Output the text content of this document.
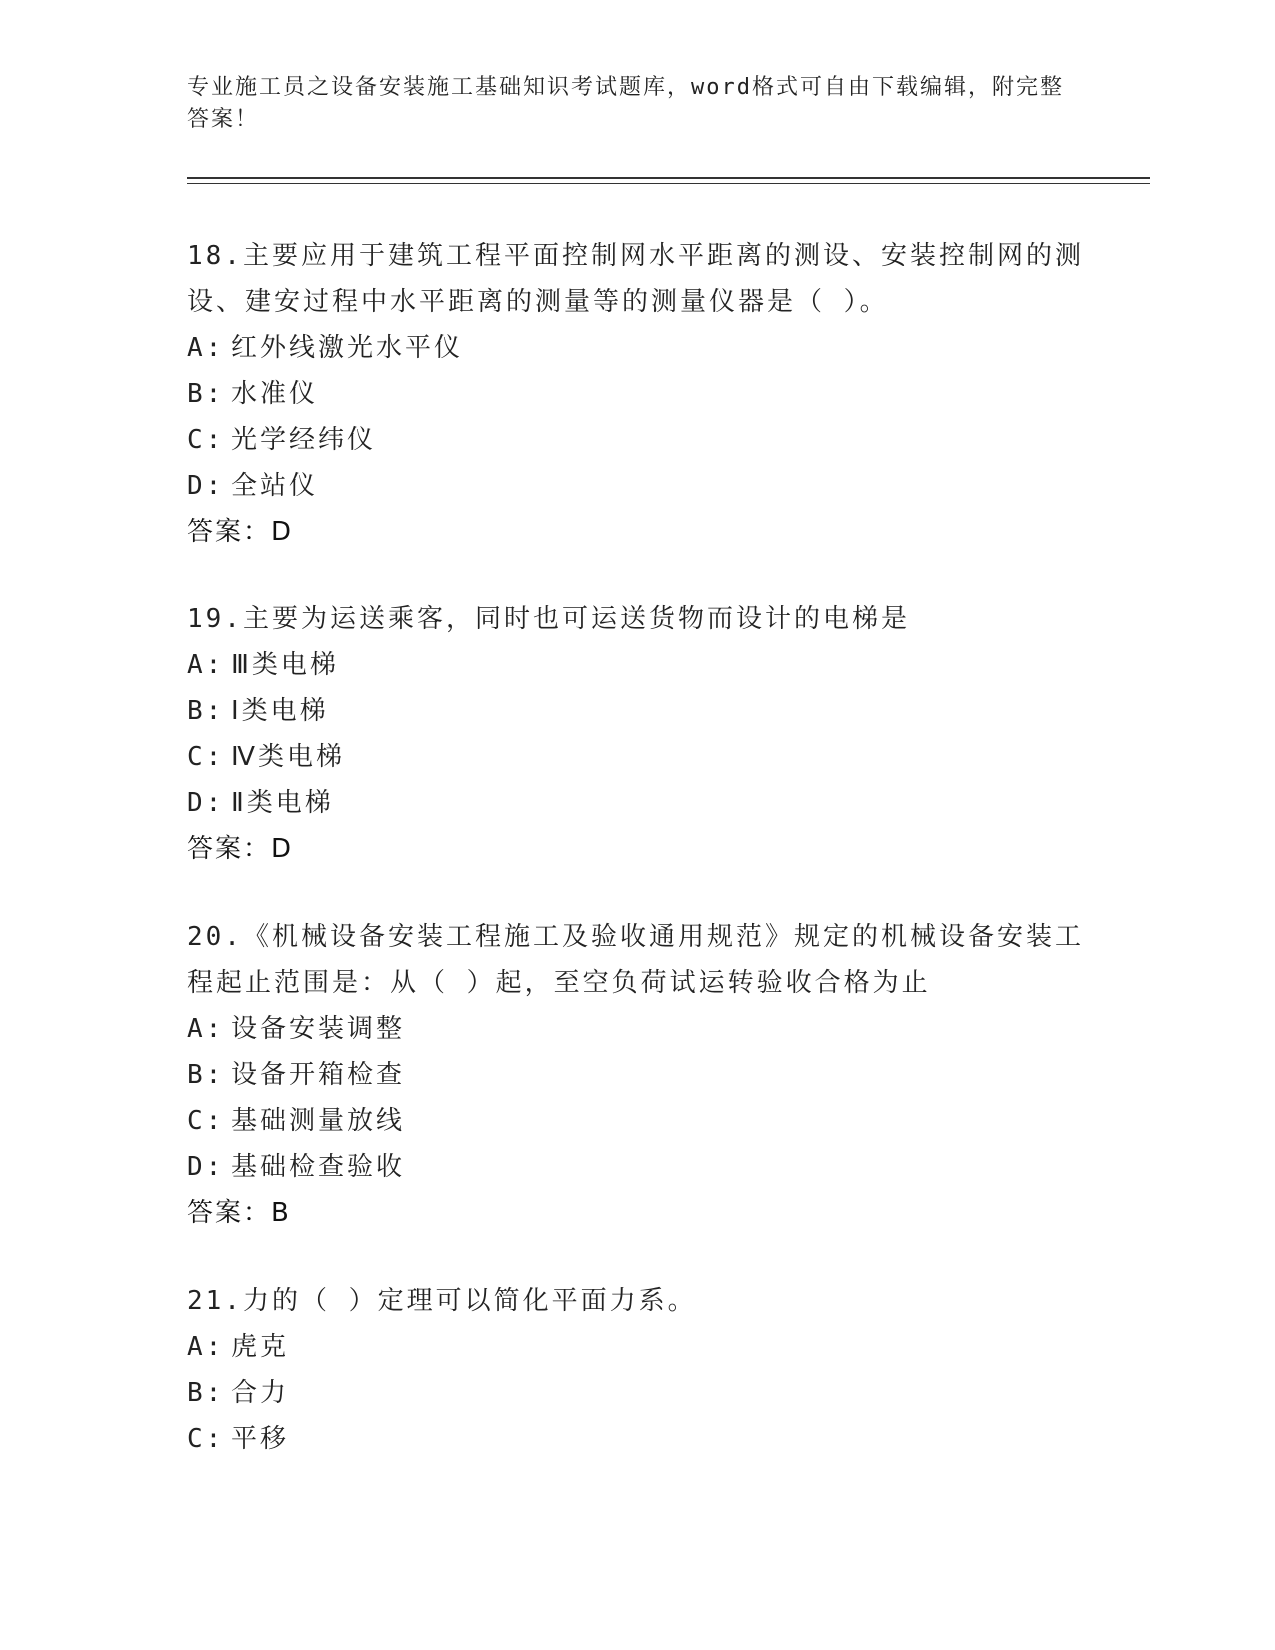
专业施工员之设备安装施工基础知识考试题库，word格式可自由下载编辑，附完整答案！

18.主要应用于建筑工程平面控制网水平距离的测设、安装控制网的测设、建安过程中水平距离的测量等的测量仪器是（ ）。

A: 红外线激光水平仪
B: 水准仪
C: 光学经纬仪
D: 全站仪

答案：D

19.主要为运送乘客，同时也可运送货物而设计的电梯是

A: Ⅲ类电梯
B: Ⅰ类电梯
C: Ⅳ类电梯
D: Ⅱ类电梯

答案：D

20.《机械设备安装工程施工及验收通用规范》规定的机械设备安装工程起止范围是：从（ ）起，至空负荷试运转验收合格为止

A: 设备安装调整
B: 设备开箱检查
C: 基础测量放线
D: 基础检查验收

答案：B

21.力的（ ）定理可以简化平面力系。

A: 虎克
B: 合力
C: 平移
